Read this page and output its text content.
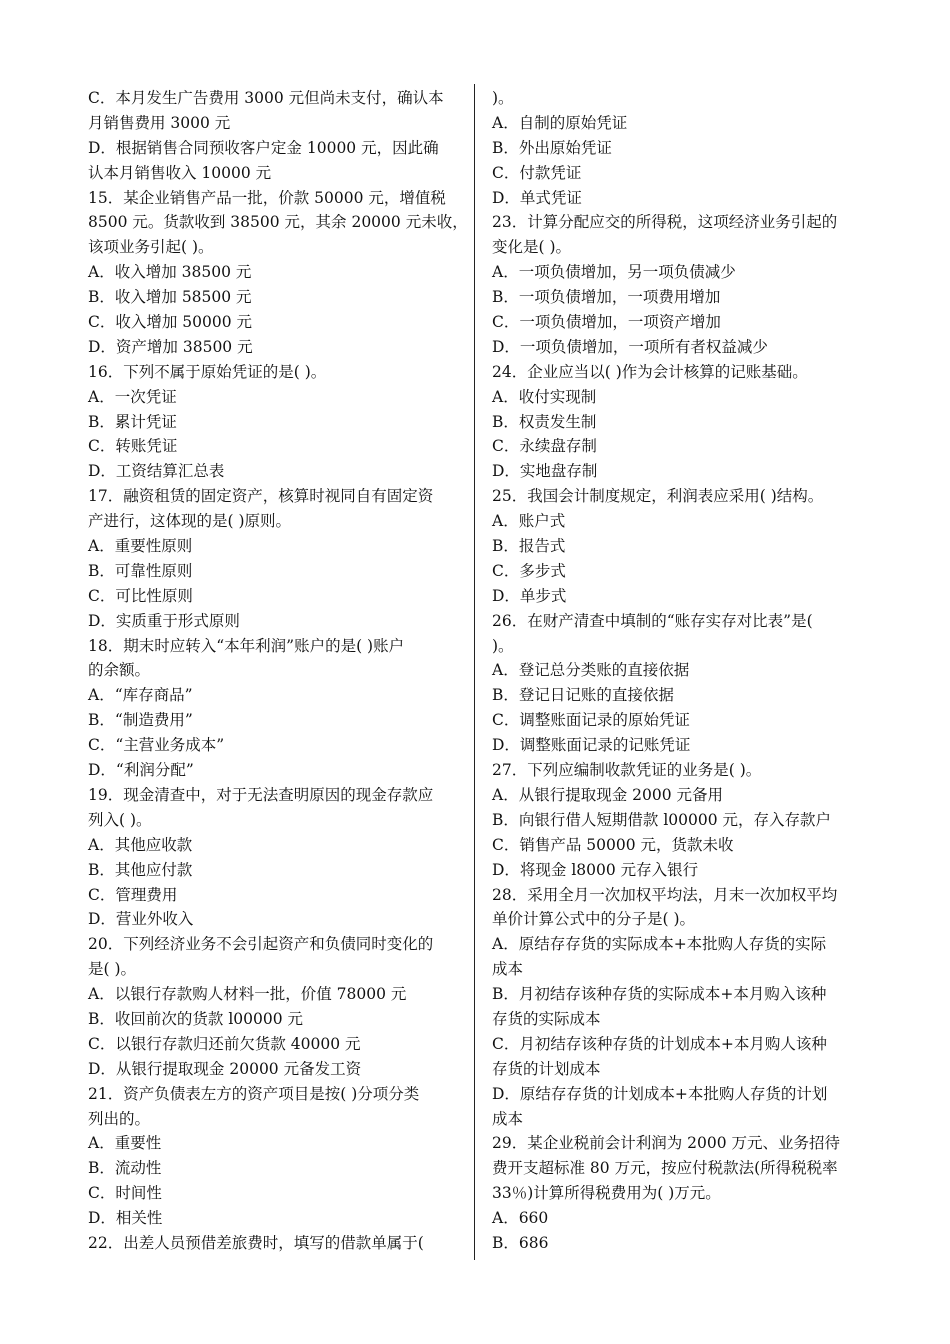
C．本月发生广告费用 3000 元但尚未支付，确认本
月销售费用 3000 元
D．根据销售合同预收客户定金 10000 元，因此确
认本月销售收入 10000 元
15．某企业销售产品一批，价款 50000 元，增值税
8500 元。货款收到 38500 元，其余 20000 元未收，
该项业务引起( )。
A．收入增加 38500 元
B．收入增加 58500 元
C．收入增加 50000 元
D．资产增加 38500 元
16．下列不属于原始凭证的是( )。
A．一次凭证
B．累计凭证
C．转账凭证
D．工资结算汇总表
17．融资租赁的固定资产，核算时视同自有固定资
产进行，这体现的是( )原则。
A．重要性原则
B．可靠性原则
C．可比性原则
D．实质重于形式原则
18．期末时应转入“本年利润”账户的是( )账户
的余额。
A．“库存商品”
B．“制造费用”
C．“主营业务成本”
D．“利润分配”
19．现金清查中，对于无法查明原因的现金存款应
列入( )。
A．其他应收款
B．其他应付款
C．管理费用
D．营业外收入
20．下列经济业务不会引起资产和负债同时变化的
是( )。
A．以银行存款购人材料一批，价值 78000 元
B．收回前次的货款 l00000 元
C．以银行存款归还前欠货款 40000 元
D．从银行提取现金 20000 元备发工资
21．资产负债表左方的资产项目是按( )分项分类
列出的。
A．重要性
B．流动性
C．时间性
D．相关性
22．出差人员预借差旅费时，填写的借款单属于(
)。
A．自制的原始凭证
B．外出原始凭证
C．付款凭证
D．单式凭证
23．计算分配应交的所得税，这项经济业务引起的
变化是( )。
A．一项负债增加，另一项负债减少
B．一项负债增加，一项费用增加
C．一项负债增加，一项资产增加
D．一项负债增加，一项所有者权益减少
24．企业应当以( )作为会计核算的记账基础。
A．收付实现制
B．权责发生制
C．永续盘存制
D．实地盘存制
25．我国会计制度规定，利润表应采用( )结构。
A．账户式
B．报告式
C．多步式
D．单步式
26．在财产清查中填制的“账存实存对比表”是(
)。
A．登记总分类账的直接依据
B．登记日记账的直接依据
C．调整账面记录的原始凭证
D．调整账面记录的记账凭证
27．下列应编制收款凭证的业务是( )。
A．从银行提取现金 2000 元备用
B．向银行借人短期借款 l00000 元，存入存款户
C．销售产品 50000 元，货款未收
D．将现金 l8000 元存入银行
28．采用全月一次加权平均法，月末一次加权平均
单价计算公式中的分子是( )。
A．原结存存货的实际成本+本批购人存货的实际
成本
B．月初结存该种存货的实际成本+本月购入该种
存货的实际成本
C．月初结存该种存货的计划成本+本月购人该种
存货的计划成本
D．原结存存货的计划成本+本批购人存货的计划
成本
29．某企业税前会计利润为 2000 万元、业务招待
费开支超标准 80 万元，按应付税款法(所得税税率
33％)计算所得税费用为( )万元。
A．660
B．686
